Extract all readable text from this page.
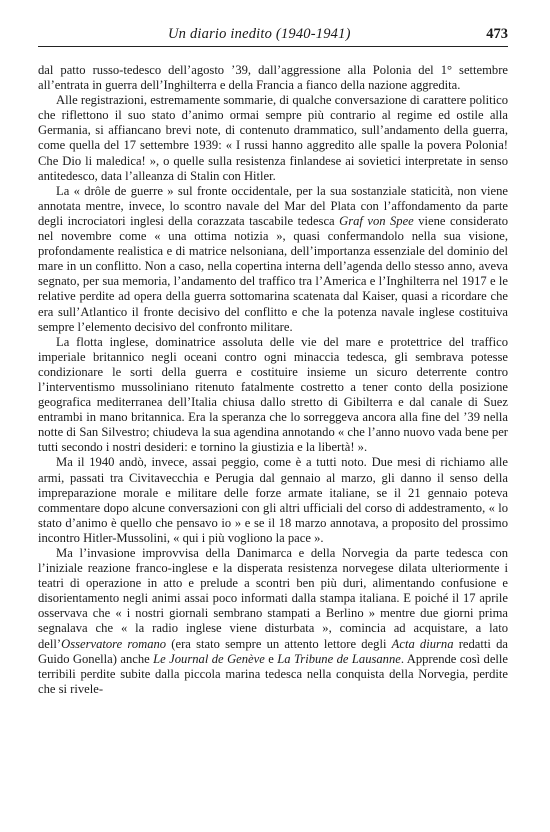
Un diario inedito (1940-1941)	473

dal patto russo-tedesco dell’agosto ’39, dall’aggressione alla Polonia del 1° settembre all’entrata in guerra dell’Inghilterra e della Francia a fianco della nazione aggredita.

Alle registrazioni, estremamente sommarie, di qualche conversazione di carattere politico che riflettono il suo stato d’animo ormai sempre più contrario al regime ed ostile alla Germania, si affiancano brevi note, di contenuto drammatico, sull’andamento della guerra, come quella del 17 settembre 1939: « I russi hanno aggredito alle spalle la povera Polonia! Che Dio li maledica! », o quelle sulla resistenza finlandese ai sovietici interpretate in senso antitedesco, data l’alleanza di Stalin con Hitler.

La « drôle de guerre » sul fronte occidentale, per la sua sostanziale staticità, non viene annotata mentre, invece, lo scontro navale del Mar del Plata con l’affondamento da parte degli incrociatori inglesi della corazzata tascabile tedesca Graf von Spee viene considerato nel novembre come « una ottima notizia », quasi confermandolo nella sua visione, profondamente realistica e di matrice nelsoniana, dell’importanza essenziale del dominio del mare in un conflitto. Non a caso, nella copertina interna dell’agenda dello stesso anno, aveva segnato, per sua memoria, l’andamento del traffico tra l’America e l’Inghilterra nel 1917 e le relative perdite ad opera della guerra sottomarina scatenata dal Kaiser, quasi a ricordare che era sull’Atlantico il fronte decisivo del conflitto e che la potenza navale inglese costituiva sempre l’elemento decisivo del confronto militare.

La flotta inglese, dominatrice assoluta delle vie del mare e protettrice del traffico imperiale britannico negli oceani contro ogni minaccia tedesca, gli sembrava potesse condizionare le sorti della guerra e costituire insieme un sicuro deterrente contro l’interventismo mussoliniano ritenuto fatalmente costretto a tener conto della posizione geografica mediterranea dell’Italia chiusa dallo stretto di Gibilterra e dal canale di Suez entrambi in mano britannica. Era la speranza che lo sorreggeva ancora alla fine del ’39 nella notte di San Silvestro; chiudeva la sua agendina annotando « che l’anno nuovo vada bene per tutti secondo i nostri desideri: e tornino la giustizia e la libertà! ».

Ma il 1940 andò, invece, assai peggio, come è a tutti noto. Due mesi di richiamo alle armi, passati tra Civitavecchia e Perugia dal gennaio al marzo, gli danno il senso della impreparazione morale e militare delle forze armate italiane, se il 21 gennaio poteva commentare dopo alcune conversazioni con gli altri ufficiali del corso di addestramento, « lo stato d’animo è quello che pensavo io » e se il 18 marzo annotava, a proposito del prossimo incontro Hitler-Mussolini, « qui i più vogliono la pace ».

Ma l’invasione improvvisa della Danimarca e della Norvegia da parte tedesca con l’iniziale reazione franco-inglese e la disperata resistenza norvegese dilata ulteriormente i teatri di operazione in atto e prelude a scontri ben più duri, alimentando confusione e disorientamento negli animi assai poco informati dalla stampa italiana. E poiché il 17 aprile osservava che « i nostri giornali sembrano stampati a Berlino » mentre due giorni prima segnalava che « la radio inglese viene disturbata », comincia ad acquistare, a lato dell’Osservatore romano (era stato sempre un attento lettore degli Acta diurna redatti da Guido Gonella) anche Le Journal de Genève e La Tribune de Lausanne. Apprende così delle terribili perdite subite dalla piccola marina tedesca nella conquista della Norvegia, perdite che si rivele-
